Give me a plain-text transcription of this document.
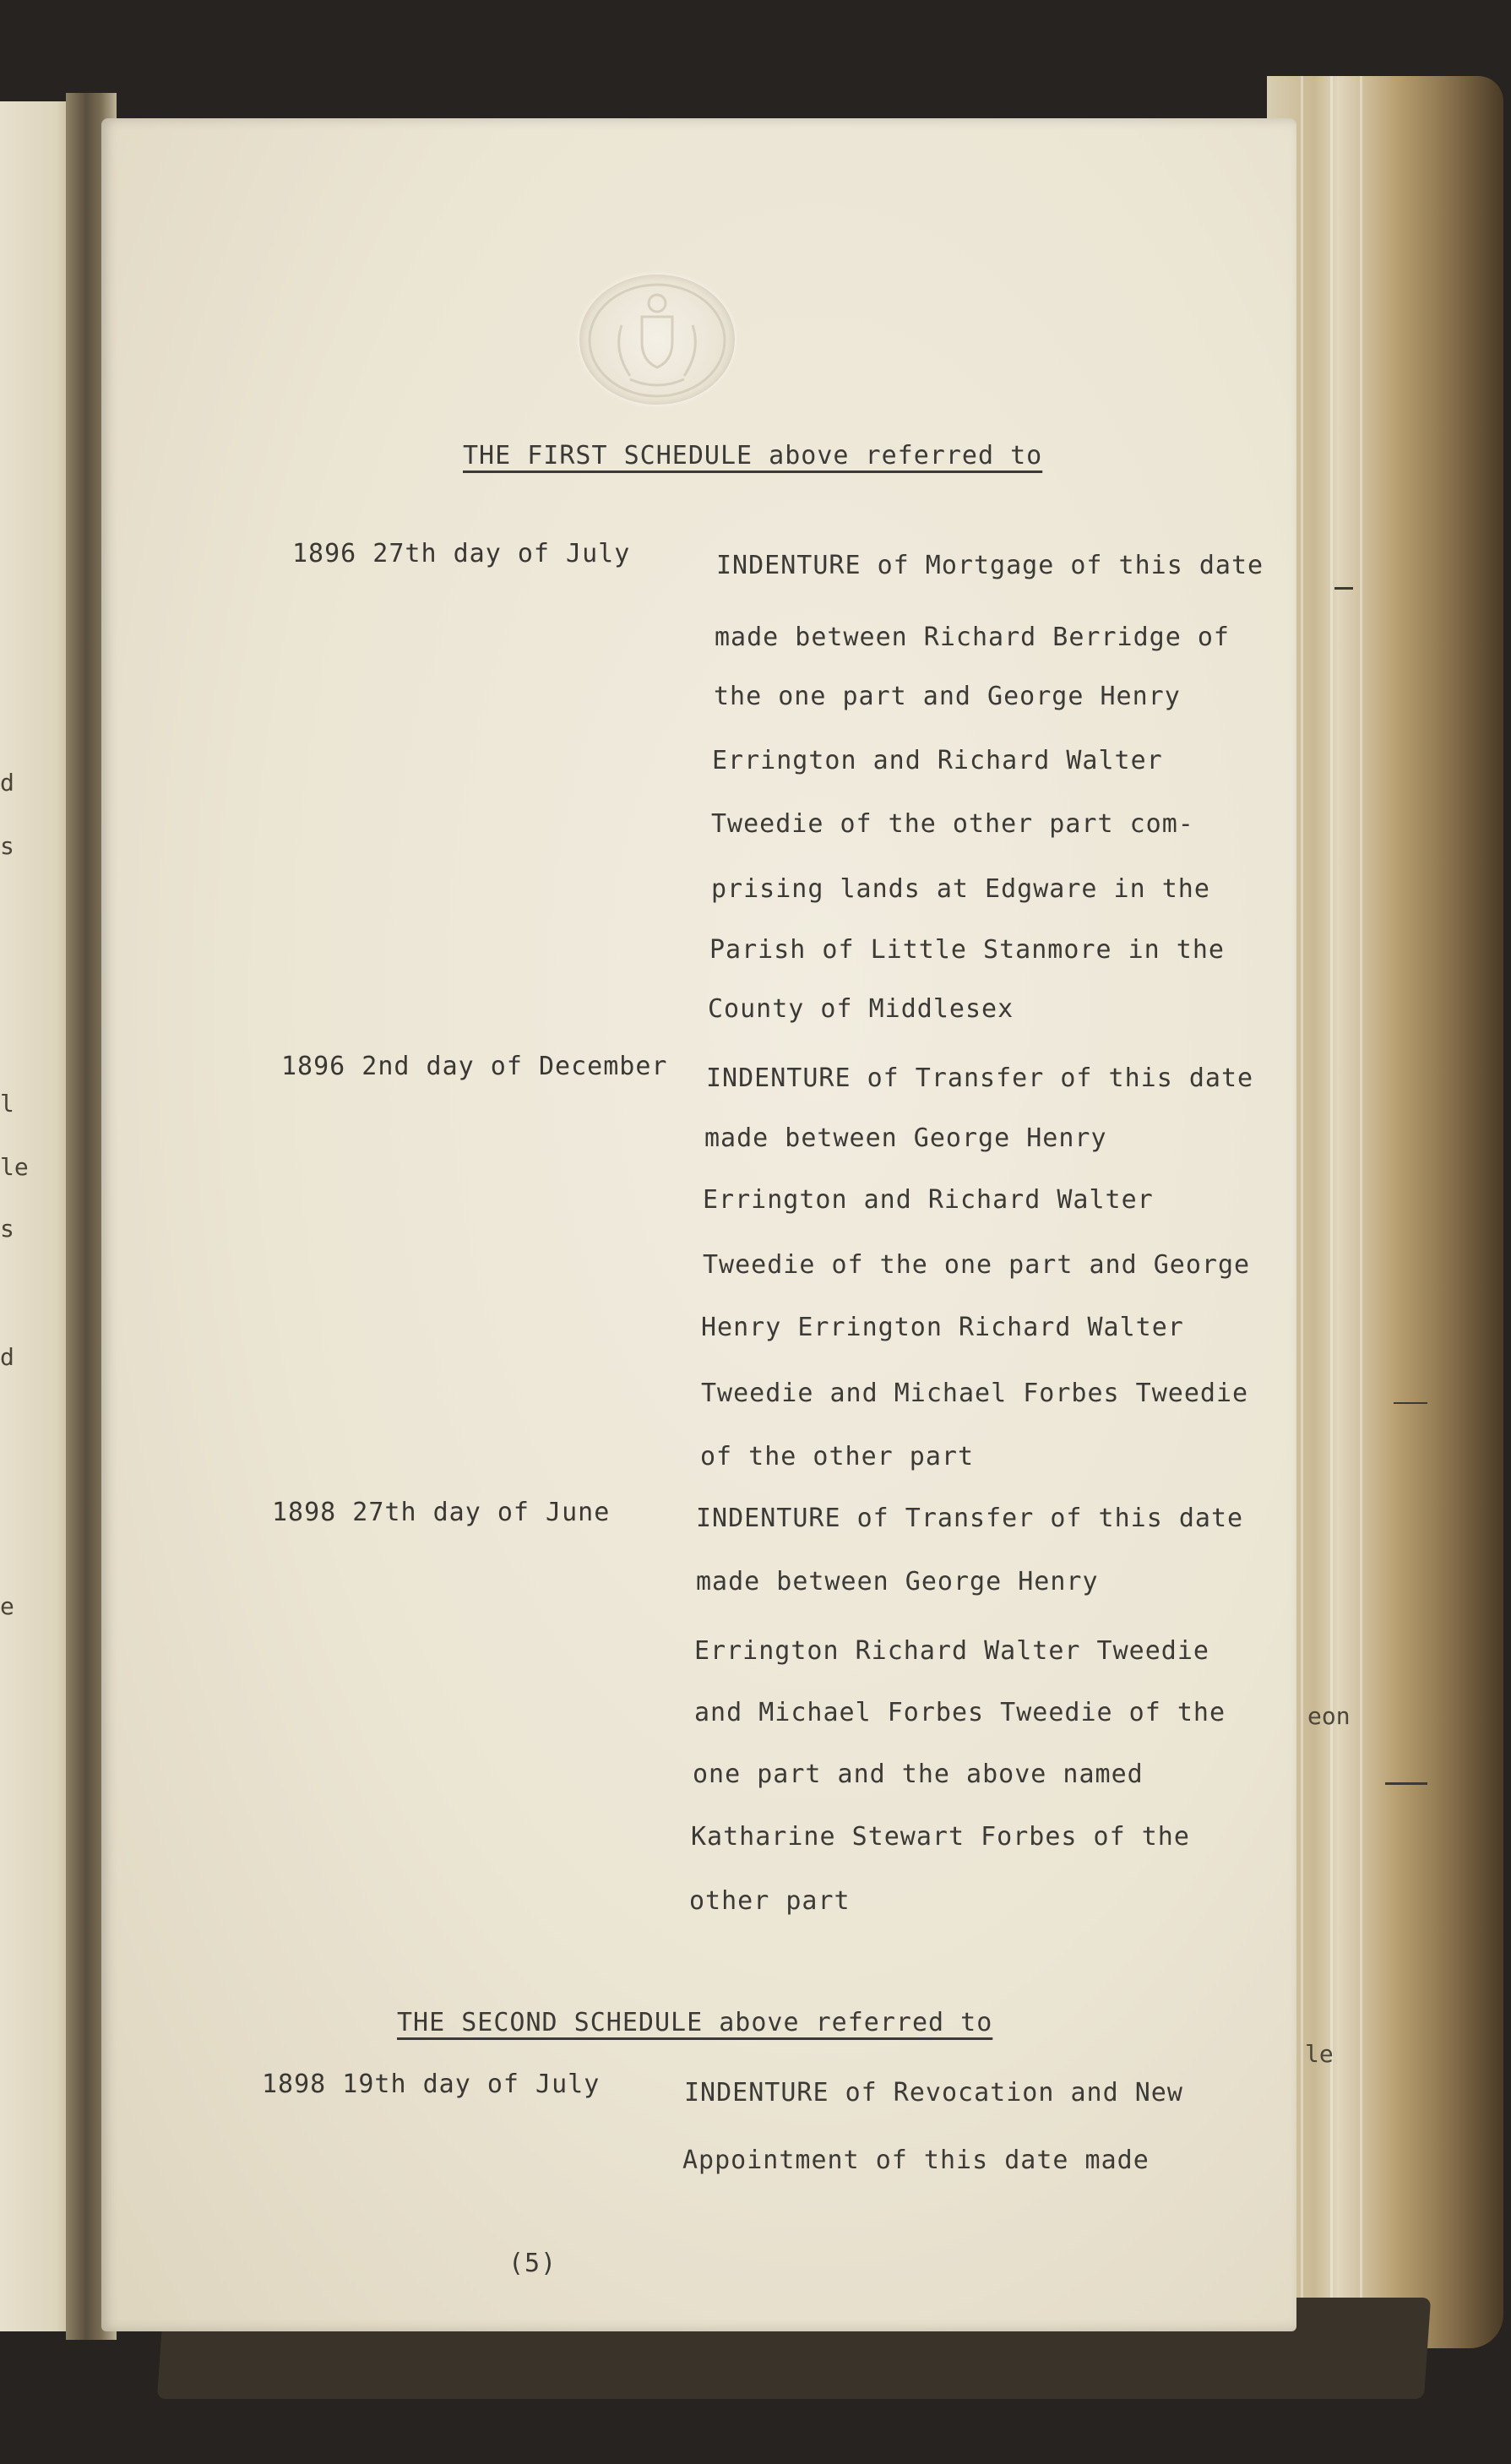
d
s
l
le
s
d
e
THE FIRST SCHEDULE above referred to
1896 27th day of July	INDENTURE of Mortgage of this date
made between Richard Berridge of
the one part and George Henry
Errington and Richard Walter
Tweedie of the other part com-
prising lands at Edgware in the
Parish of Little Stanmore in the
County of Middlesex
1896 2nd day of December INDENTURE of Transfer of this date
made between George Henry
Errington and Richard Walter
Tweedie of the one part and George
Henry Errington Richard Walter
Tweedie and Michael Forbes Tweedie
of the other part
1898 27th day of June	INDENTURE of Transfer of this date
made between George Henry
Errington Richard Walter Tweedie
and Michael Forbes Tweedie of the
one part and the above named
Katharine Stewart Forbes of the
other part
THE SECOND SCHEDULE above referred to
1898 19th day of July	INDENTURE of Revocation and New
Appointment of this date made
(5)
eon
le
